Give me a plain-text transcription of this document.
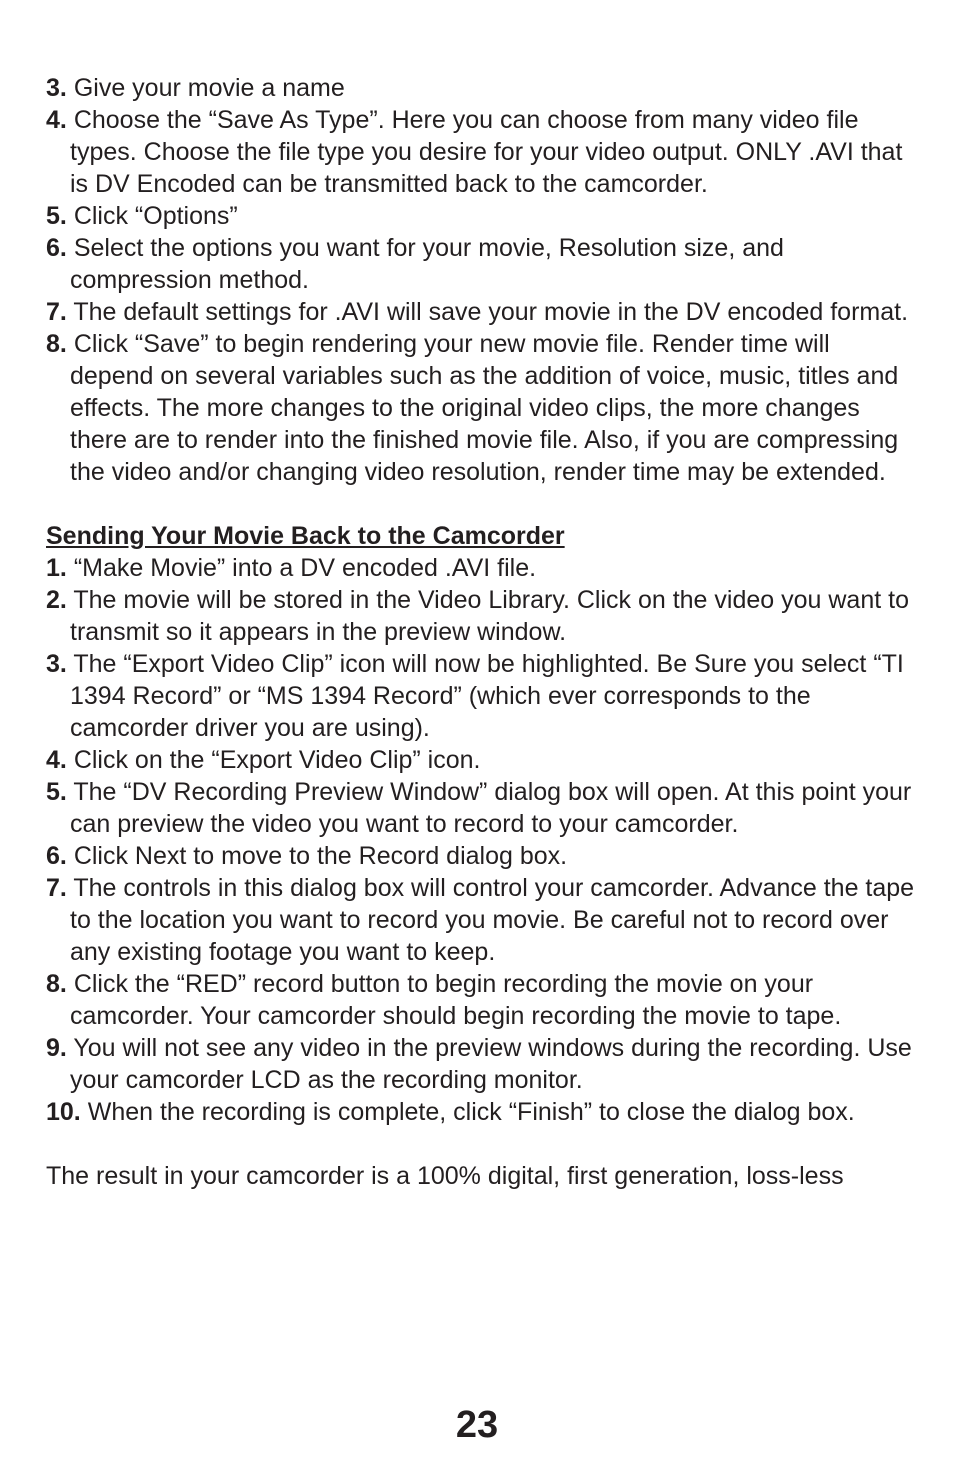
3. Give your movie a name
4. Choose the “Save As Type”. Here you can choose from many video file types. Choose the file type you desire for your video output. ONLY .AVI that is DV Encoded can be transmitted back to the camcorder.
5. Click “Options”
6. Select the options you want for your movie, Resolution size, and compression method.
7. The default settings for .AVI will save your movie in the DV encoded format.
8. Click “Save” to begin rendering your new movie file. Render time will depend on several variables such as the addition of voice, music, titles and effects. The more changes to the original video clips, the more changes there are to render into the finished movie file. Also, if you are compressing the video and/or changing video resolution, render time may be extended.
Sending Your Movie Back to the Camcorder
1. “Make Movie” into a DV encoded .AVI file.
2. The movie will be stored in the Video Library. Click on the video you want to transmit so it appears in the preview window.
3. The “Export Video Clip” icon will now be highlighted. Be Sure you select “TI 1394 Record” or “MS 1394 Record” (which ever corresponds to the camcorder driver you are using).
4. Click on the “Export Video Clip” icon.
5. The “DV Recording Preview Window” dialog box will open. At this point your can preview the video you want to record to your camcorder.
6. Click Next to move to the Record dialog box.
7. The controls in this dialog box will control your camcorder. Advance the tape to the location you want to record you movie. Be careful not to record over any existing footage you want to keep.
8. Click the “RED” record button to begin recording the movie on your camcorder. Your camcorder should begin recording the movie to tape.
9. You will not see any video in the preview windows during the recording. Use your camcorder LCD as the recording monitor.
10. When the recording is complete, click “Finish” to close the dialog box.
The result in your camcorder is a 100% digital, first generation, loss-less
23
